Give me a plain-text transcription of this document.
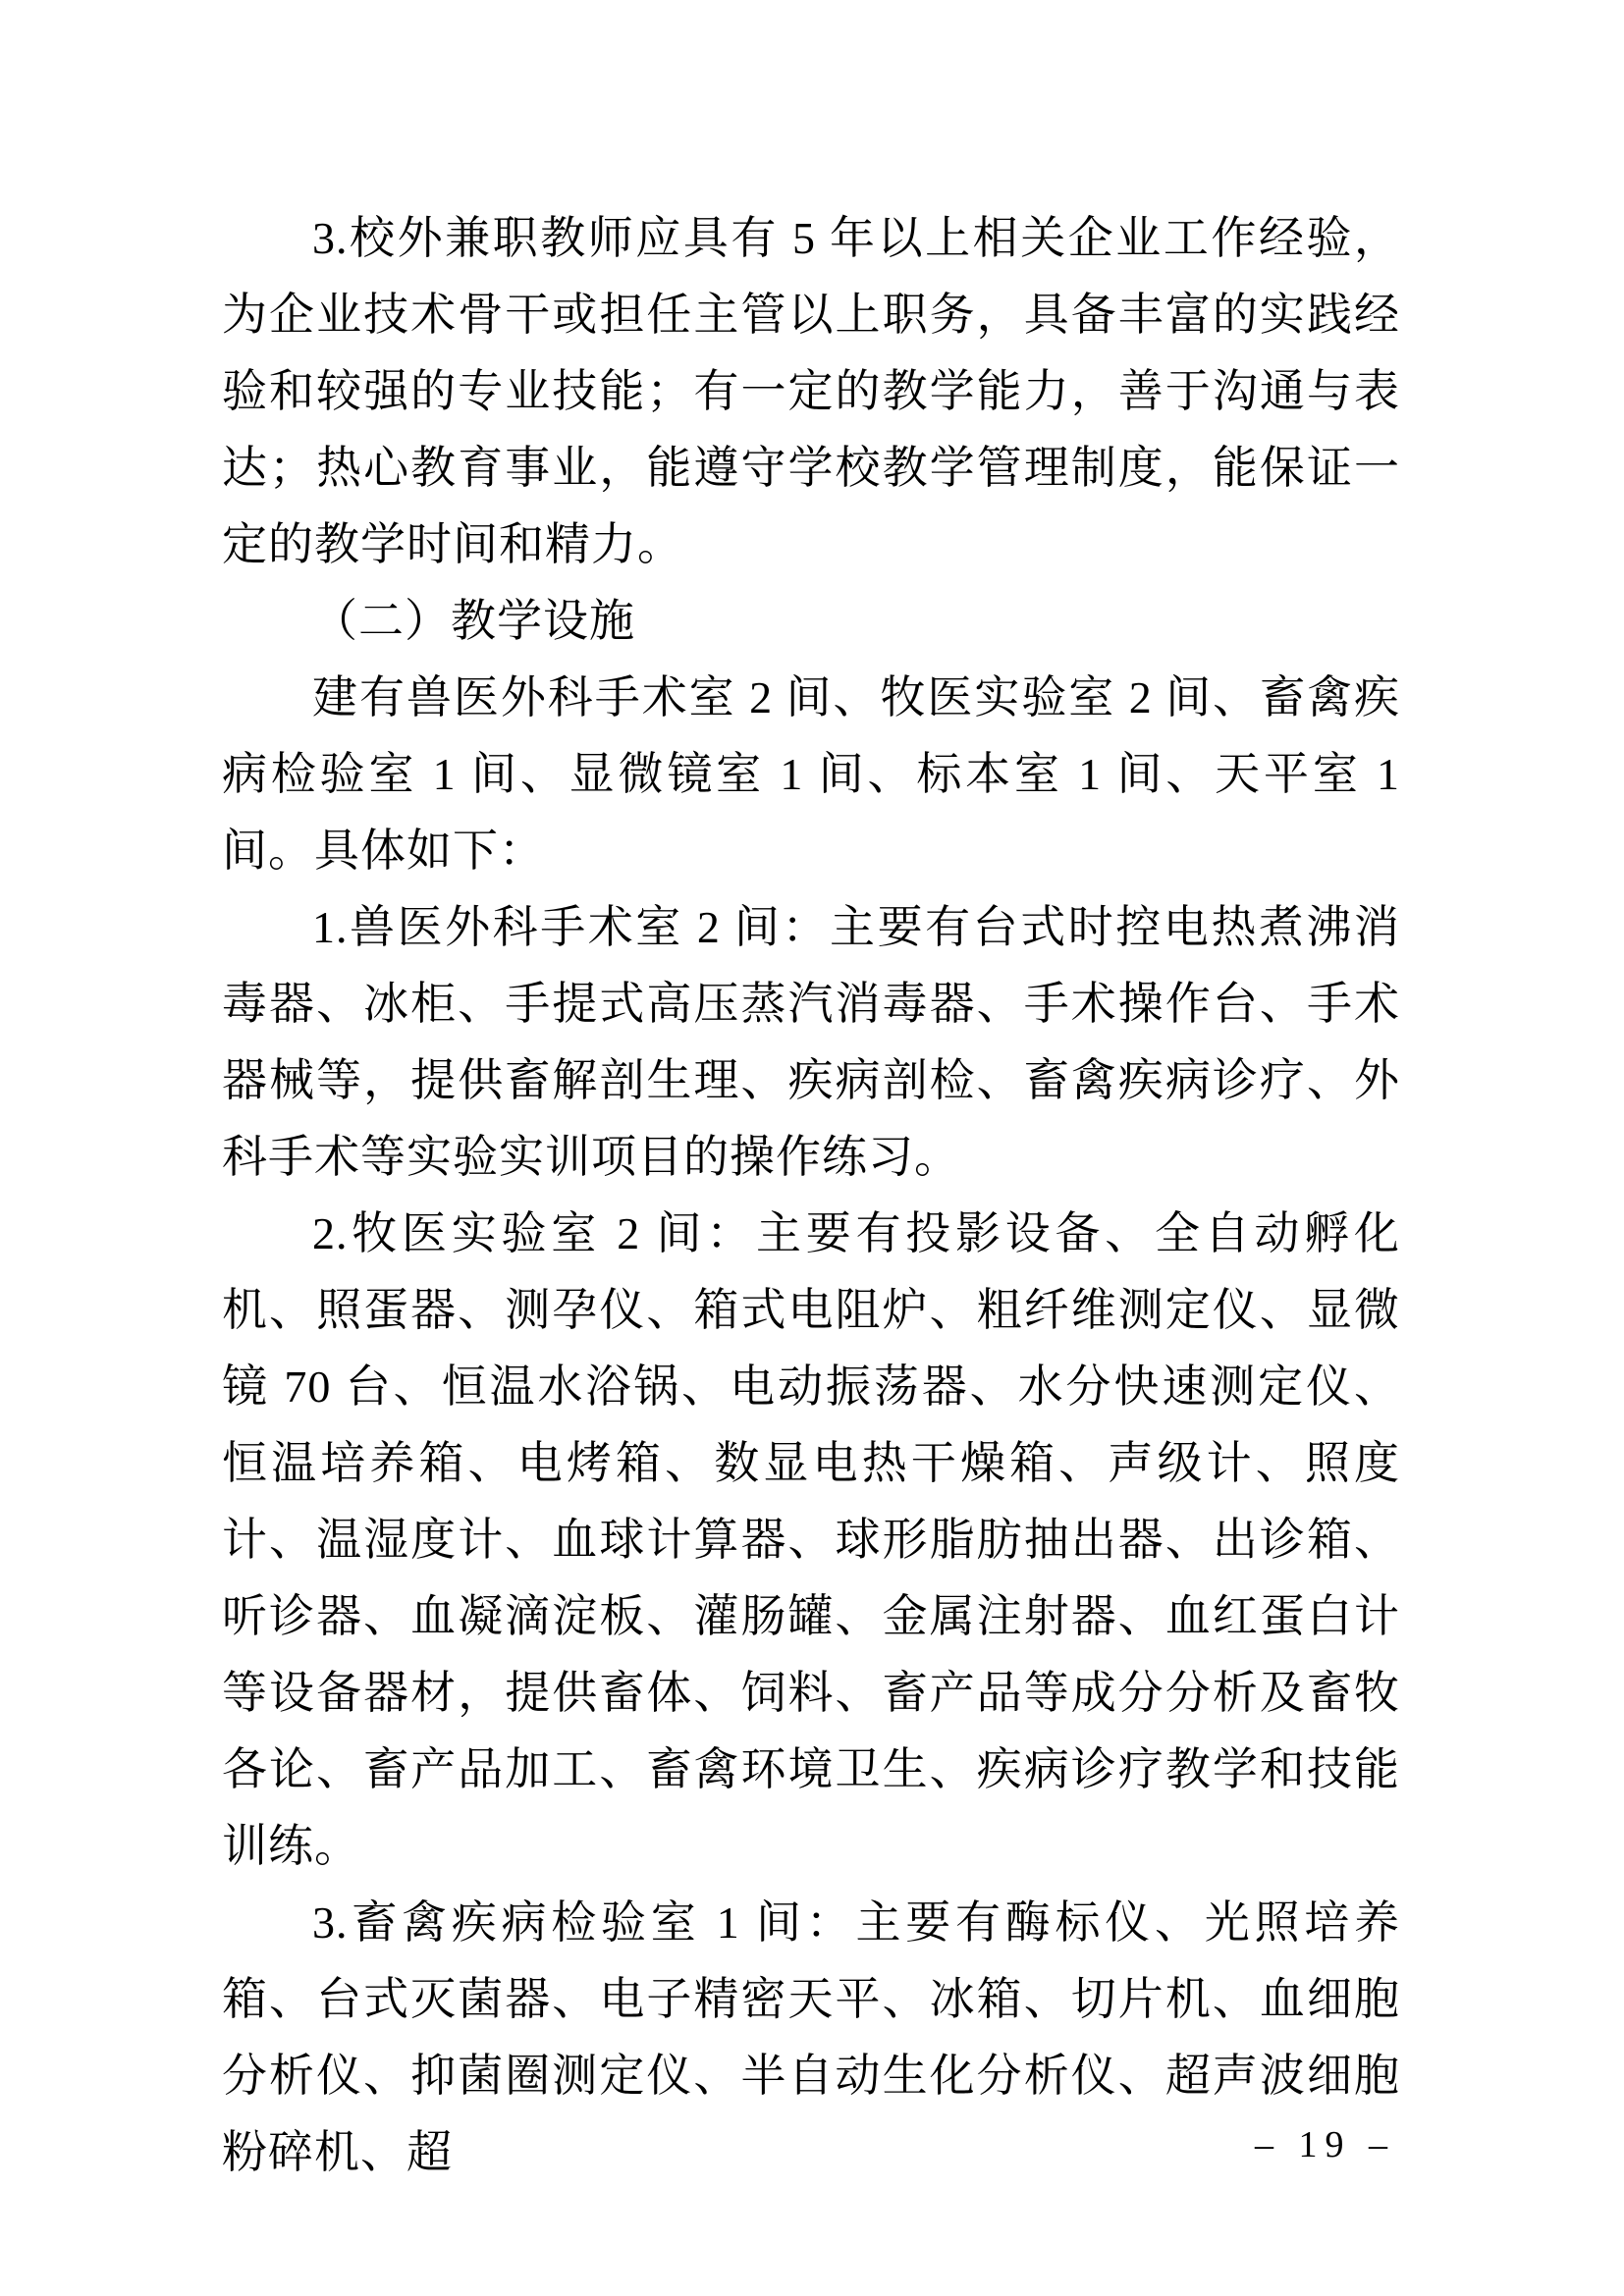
3.校外兼职教师应具有 5 年以上相关企业工作经验，为企业技术骨干或担任主管以上职务，具备丰富的实践经验和较强的专业技能；有一定的教学能力，善于沟通与表达；热心教育事业，能遵守学校教学管理制度，能保证一定的教学时间和精力。

（二）教学设施

建有兽医外科手术室 2 间、牧医实验室 2 间、畜禽疾病检验室 1 间、显微镜室 1 间、标本室 1 间、天平室 1 间。具体如下：

1.兽医外科手术室 2 间：主要有台式时控电热煮沸消毒器、冰柜、手提式高压蒸汽消毒器、手术操作台、手术器械等，提供畜解剖生理、疾病剖检、畜禽疾病诊疗、外科手术等实验实训项目的操作练习。

2.牧医实验室 2 间：主要有投影设备、全自动孵化机、照蛋器、测孕仪、箱式电阻炉、粗纤维测定仪、显微镜 70 台、恒温水浴锅、电动振荡器、水分快速测定仪、恒温培养箱、电烤箱、数显电热干燥箱、声级计、照度计、温湿度计、血球计算器、球形脂肪抽出器、出诊箱、听诊器、血凝滴淀板、灌肠罐、金属注射器、血红蛋白计等设备器材，提供畜体、饲料、畜产品等成分分析及畜牧各论、畜产品加工、畜禽环境卫生、疾病诊疗教学和技能训练。

3.畜禽疾病检验室 1 间：主要有酶标仪、光照培养箱、台式灭菌器、电子精密天平、冰箱、切片机、血细胞分析仪、抑菌圈测定仪、半自动生化分析仪、超声波细胞粉碎机、超	– 19 –
